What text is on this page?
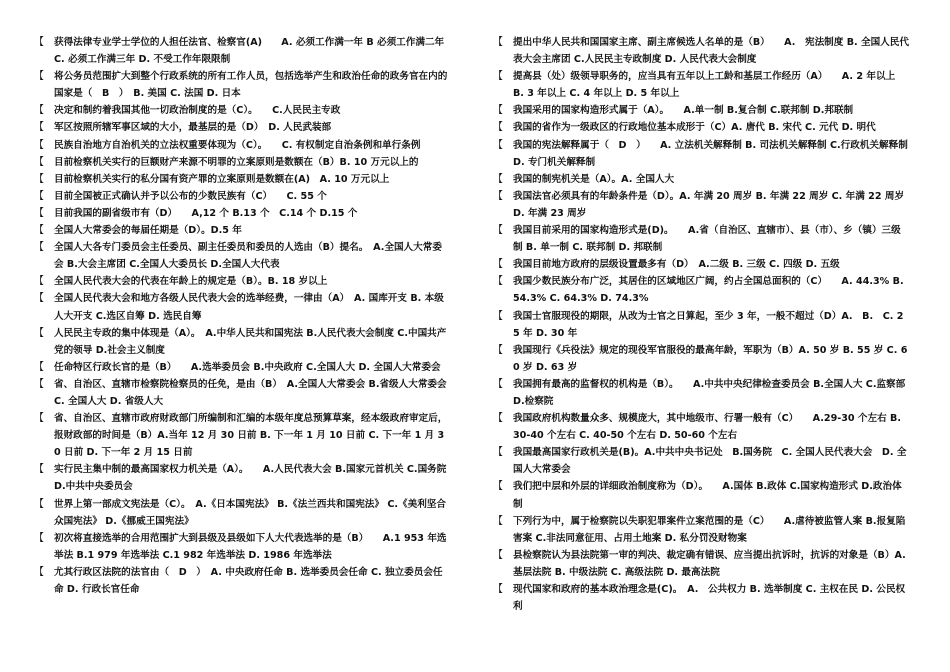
【 获得法律专业学士学位的人担任法官、检察官(A)　　A. 必须工作满一年 B 必须工作满二年 C. 必须工作满三年 D. 不受工作年限限制
【 将公务员范围扩大到整个行政系统的所有工作人员，包括选举产生和政治任命的政务官在内的国家是（　B　）　B. 美国 C. 法国 D. 日本
【 决定和制约着我国其他一切政治制度的是（C）。　　C.人民民主专政
【 军区按照所辖军事区域的大小，最基层的是（D）　D. 人民武装部
【 民族自治地方自治机关的立法权重要体现为（C）。　　C. 有权制定自治条例和单行条例
【 目前检察机关实行的巨额财产来源不明罪的立案原则是数额在（B）B. 10 万元以上的
【 目前检察机关实行的私分国有资产罪的立案原则是数额在(A)　A. 10 万元以上
【 目前全国被正式确认并予以公布的少数民族有（C）　　C. 55 个
【 目前我国的副省级市有（D）　　A,12 个 B.13 个　C.14 个 D.15 个
【 全国人大常委会的每届任期是（D）。D.5 年
【 全国人大各专门委员会主任委员、副主任委员和委员的人选由（B）提名。　A.全国人大常委会 B.大会主席团 C.全国人大委员长 D.全国人大代表
【 全国人民代表大会的代表在年龄上的规定是（B）。B. 18 岁以上
【 全国人民代表大会和地方各级人民代表大会的选举经费，一律由（A）　A. 国库开支 B. 本级人大开支 C.选区自筹 D. 选民自筹
【 人民民主专政的集中体现是（A）。　A.中华人民共和国宪法 B.人民代表大会制度 C.中国共产党的领导 D.社会主义制度
【 任命特区行政长官的是（B）　　A.选举委员会 B.中央政府 C.全国人大 D. 全国人大常委会
【 省、自治区、直辖市检察院检察员的任免，是由（B）　A.全国人大常委会 B.省级人大常委会 C. 全国人大 D. 省级人大
【 省、自治区、直辖市政府财政部门所编制和汇编的本级年度总预算草案，经本级政府审定后，报财政部的时间是（B）A.当年 12 月 30 日前 B. 下一年 1 月 10 日前 C. 下一年 1 月 30 日前 D. 下一年 2 月 15 日前
【 实行民主集中制的最高国家权力机关是（A）。　　A.人民代表大会 B.国家元首机关 C.国务院 D.中共中央委员会
【 世界上第一部成文宪法是（C）。　A.《日本国宪法》 B.《法兰西共和国宪法》 C.《美利坚合众国宪法》 D.《挪威王国宪法》
【 初次将直接选举的合用范围扩大到县级及县级如下人大代表选举的是（B）　　A.1 953 年选举法 B.1 979 年选举法 C.1 982 年选举法 D. 1986 年选举法
【 尤其行政区法院的法官由（　D　）　A. 中央政府任命 B. 选举委员会任命 C. 独立委员会任命 D. 行政长官任命
【 提出中华人民共和国国家主席、副主席候选人名单的是（B）　　A.　宪法制度 B. 全国人民代表大会主席团 C.人民民主专政制度 D. 人民代表大会制度
【 提高县（处）级领导职务的，应当具有五年以上工龄和基层工作经历（A）　　A. 2 年以上 B. 3 年以上 C. 4 年以上 D. 5 年以上
【 我国采用的国家构造形式属于（A）。　　A.单一制 B.复合制 C.联邦制 D.邦联制
【 我国的省作为一级政区的行政地位基本成形于（C）A. 唐代 B. 宋代 C. 元代 D. 明代
【 我国的宪法解释属于（　D　）　　A. 立法机关解释制 B. 司法机关解释制 C.行政机关解释制 D. 专门机关解释制
【 我国的制宪机关是（A）。A. 全国人大
【 我国法官必须具有的年龄条件是（D）。A. 年满 20 周岁 B. 年满 22 周岁 C. 年满 22 周岁 D. 年满 23 周岁
【 我国目前采用的国家构造形式是(D)。　　A.省（自治区、直辖市）、县（市）、乡（镇）三级制 B. 单一制 C. 联邦制 D. 邦联制
【 我国目前地方政府的层级设置最多有（D）　A.二级 B. 三级 C. 四级 D. 五级
【 我国少数民族分布广泛，其居住的区域地区广阔，约占全国总面积的（C）　　A. 44.3% B. 54.3% C. 64.3% D. 74.3%
【 我国士官服现役的期限，从改为士官之日算起，至少 3 年，一般不超过（D）A.　B.　C. 25 年 D. 30 年
【 我国现行《兵役法》规定的现役军官服役的最高年龄，军职为（B）A. 50 岁 B. 55 岁 C. 60 岁 D. 63 岁
【 我国拥有最高的监督权的机构是（B）。　　A.中共中央纪律检查委员会 B.全国人大 C.监察部 D.检察院
【 我国政府机构数量众多、规模庞大，其中地级市、行署一般有（C）　　A.29-30 个左右 B. 30-40 个左右 C. 40-50 个左右 D. 50-60 个左右
【 我国最高国家行政机关是(B)。A.中共中央书记处　B.国务院　C. 全国人民代表大会　D. 全国人大常委会
【 我们把中层和外层的详细政治制度称为（D）。　　A.国体 B.政体 C.国家构造形式 D.政治体制
【 下列行为中，属于检察院以失职犯罪案件立案范围的是（C）　　A.虐待被监管人案 B.报复陷害案 C.非法同意征用、占用土地案 D. 私分罚没财物案
【 县检察院认为县法院第一审的判决、裁定确有错误、应当提出抗诉时，抗诉的对象是（B）A.基层法院 B. 中级法院 C. 高级法院 D. 最高法院
【 现代国家和政府的基本政治理念是(C)。　A.　公共权力 B. 选举制度 C. 主权在民 D. 公民权利
